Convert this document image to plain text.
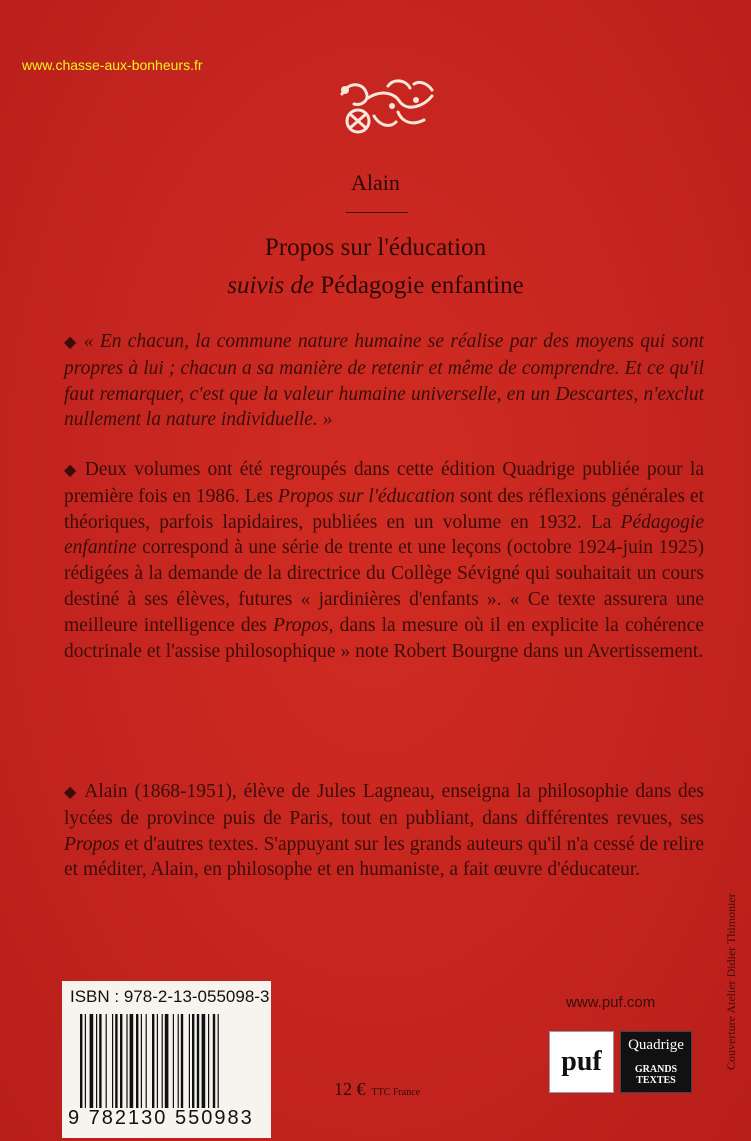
www.chasse-aux-bonheurs.fr
Alain
Propos sur l'éducation
suivis de Pédagogie enfantine
◆ « En chacun, la commune nature humaine se réalise par des moyens qui sont propres à lui ; chacun a sa manière de retenir et même de comprendre. Et ce qu'il faut remarquer, c'est que la valeur humaine universelle, en un Descartes, n'exclut nullement la nature individuelle. »
◆ Deux volumes ont été regroupés dans cette édition Quadrige publiée pour la première fois en 1986. Les Propos sur l'éducation sont des réflexions générales et théoriques, parfois lapidaires, publiées en un volume en 1932. La Pédagogie enfantine correspond à une série de trente et une leçons (octobre 1924-juin 1925) rédigées à la demande de la directrice du Collège Sévigné qui souhaitait un cours destiné à ses élèves, futures « jardinières d'enfants ». « Ce texte assurera une meilleure intelligence des Propos, dans la mesure où il en explicite la cohérence doctrinale et l'assise philosophique » note Robert Bourgne dans un Avertissement.
◆ Alain (1868-1951), élève de Jules Lagneau, enseigna la philosophie dans des lycées de province puis de Paris, tout en publiant, dans différentes revues, ses Propos et d'autres textes. S'appuyant sur les grands auteurs qu'il n'a cessé de relire et méditer, Alain, en philosophe et en humaniste, a fait œuvre d'éducateur.
Couverture Atelier Didier Thimonier
ISBN : 978-2-13-055098-3
9 782130 550983
12 € TTC France
www.puf.com
puf
Quadrige
GRANDS TEXTES
